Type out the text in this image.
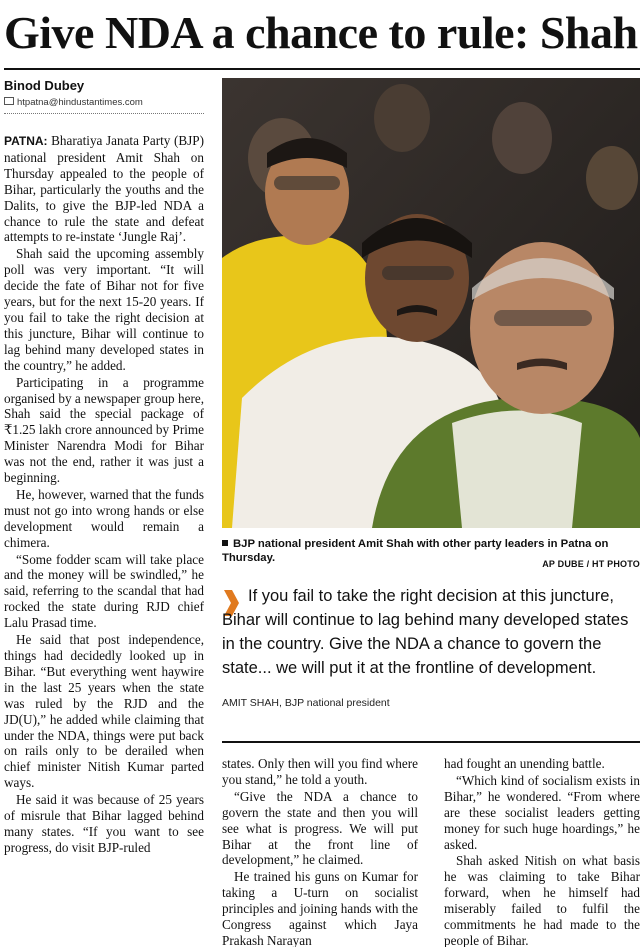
Give NDA a chance to rule: Shah
Binod Dubey
htpatna@hindustantimes.com

PATNA: Bharatiya Janata Party (BJP) national president Amit Shah on Thursday appealed to the people of Bihar, particularly the youths and the Dalits, to give the BJP-led NDA a chance to rule the state and defeat attempts to re-instate ‘Jungle Raj’.

Shah said the upcoming assembly poll was very important. “It will decide the fate of Bihar not for five years, but for the next 15-20 years. If you fail to take the right decision at this juncture, Bihar will continue to lag behind many developed states in the country,” he added.

Participating in a programme organised by a newspaper group here, Shah said the special package of ₹1.25 lakh crore announced by Prime Minister Narendra Modi for Bihar was not the end, rather it was just a beginning.

He, however, warned that the funds must not go into wrong hands or else development would remain a chimera.

“Some fodder scam will take place and the money will be swindled,” he said, referring to the scandal that had rocked the state during RJD chief Lalu Prasad time.

He said that post independence, things had decidedly looked up in Bihar. “But everything went haywire in the last 25 years when the state was ruled by the RJD and the JD(U),” he added while claiming that under the NDA, things were put back on rails only to be derailed when chief minister Nitish Kumar parted ways.

He said it was because of 25 years of misrule that Bihar lagged behind many states. “If you want to see progress, do visit BJP-ruled

BJP national president Amit Shah with other party leaders in Patna on Thursday.	AP DUBE / HT PHOTO
If you fail to take the right decision at this juncture, Bihar will continue to lag behind many developed states in the country. Give the NDA a chance to govern the state... we will put it at the frontline of development.
AMIT SHAH, BJP national president

states. Only then will you find where you stand,” he told a youth.

“Give the NDA a chance to govern the state and then you will see what is progress. We will put Bihar at the front line of development,” he claimed.

He trained his guns on Kumar for taking a U-turn on socialist principles and joining hands with the Congress against which Jaya Prakash Narayan

had fought an unending battle.

“Which kind of socialism exists in Bihar,” he wondered. “From where are these socialist leaders getting money for such huge hoardings,” he asked.

Shah asked Nitish on what basis he was claiming to take Bihar forward, when he himself had miserably failed to fulfil the commitments he had made to the people of Bihar.
